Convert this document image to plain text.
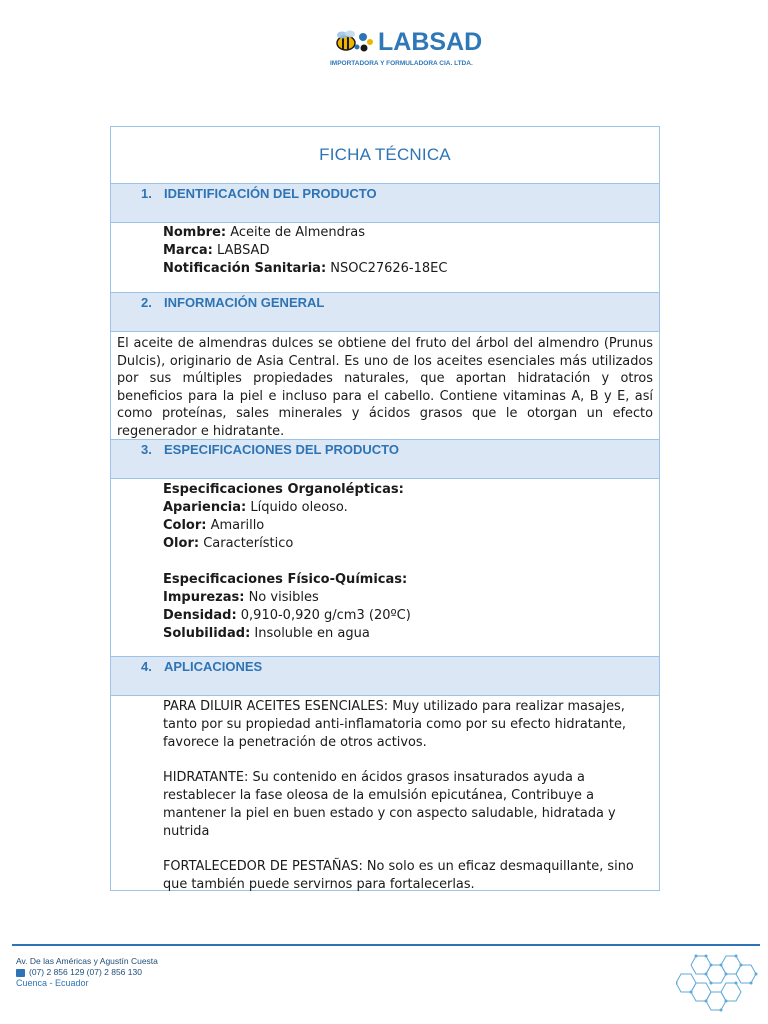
LABSAD
IMPORTADORA Y FORMULADORA CIA. LTDA.
FICHA TÉCNICA
1. IDENTIFICACIÓN DEL PRODUCTO
Nombre: Aceite de Almendras
Marca: LABSAD
Notificación Sanitaria: NSOC27626-18EC
2. INFORMACIÓN GENERAL

El aceite de almendras dulces se obtiene del fruto del árbol del almendro (Prunus Dulcis), originario de Asia Central. Es uno de los aceites esenciales más utilizados por sus múltiples propiedades naturales, que aportan hidratación y otros beneficios para la piel e incluso para el cabello. Contiene vitaminas A, B y E, así como proteínas, sales minerales y ácidos grasos que le otorgan un efecto regenerador e hidratante.

3. ESPECIFICACIONES DEL PRODUCTO
Especificaciones Organolépticas:
Apariencia: Líquido oleoso.
Color: Amarillo
Olor: Característico
Especificaciones Físico-Químicas:
Impurezas: No visibles
Densidad: 0,910-0,920 g/cm3 (20ºC)
Solubilidad: Insoluble en agua
4. APLICACIONES

PARA DILUIR ACEITES ESENCIALES: Muy utilizado para realizar masajes, tanto por su propiedad anti-inflamatoria como por su efecto hidratante, favorece la penetración de otros activos.

HIDRATANTE: Su contenido en ácidos grasos insaturados ayuda a restablecer la fase oleosa de la emulsión epicutánea, Contribuye a mantener la piel en buen estado y con aspecto saludable, hidratada y nutrida

FORTALECEDOR DE PESTAÑAS: No solo es un eficaz desmaquillante, sino que también puede servirnos para fortalecerlas.

Av. De las Américas y Agustín Cuesta
(07) 2 856 129 (07) 2 856 130
Cuenca - Ecuador
